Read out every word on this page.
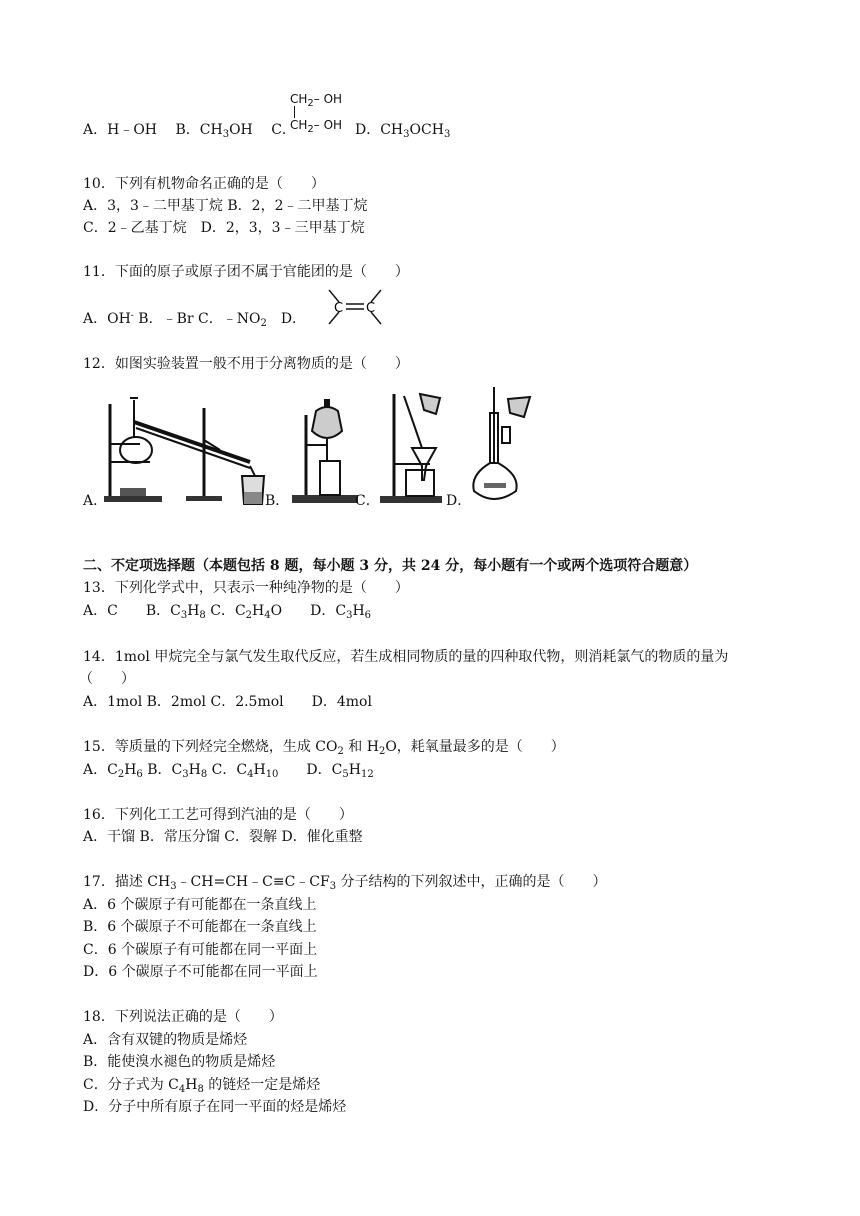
A．H﹣OH　 B．$CH_3OH$　 C．
$CH_2-$ OH
$CH_2-$ OH D．$CH_3OCH_3$
10．下列有机物命名正确的是（　　）
A．3，3﹣二甲基丁烷 B．2，2﹣二甲基丁烷
C．2﹣乙基丁烷　D．2，3，3﹣三甲基丁烷
11．下面的原子或原子团不属于官能团的是（　　）
A．OH- B．﹣Br C．$﹣NO_2$　D．
C C
12．如图实验装置一般不用于分离物质的是（　　）
A．	B．	C．	D．
二、不定项选择题（本题包括 8 题，每小题 3 分，共 24 分，每小题有一个或两个选项符合题意）
13．下列化学式中，只表示一种纯净物的是（　　）
A．C　　B．$C_3H_8$ C．$C_2H_4O$　　D．$C_3H_6$
14．1mol 甲烷完全与氯气发生取代反应，若生成相同物质的量的四种取代物，则消耗氯气的物质的量为
（　　）
A．1mol B．2mol C．2.5mol　　D．4mol
15．等质量的下列烃完全燃烧，生成 $CO_2$ 和 $H_2O$，耗氧量最多的是（　　）
A．$C_2H_6$ B．$C_3H_8$ C．$C_4H_{10}$　　D．$C_5H_{12}$
16．下列化工工艺可得到汽油的是（　　）
A．干馏 B．常压分馏 C．裂解 D．催化重整
17．描述 $CH_3﹣CH=CH﹣C\equiv C﹣CF_3$ 分子结构的下列叙述中，正确的是（　　）
A．6 个碳原子有可能都在一条直线上
B．6 个碳原子不可能都在一条直线上
C．6 个碳原子有可能都在同一平面上
D．6 个碳原子不可能都在同一平面上
18．下列说法正确的是（　　）
A．含有双键的物质是烯烃
B．能使溴水褪色的物质是烯烃
C．分子式为 $C_4H_8$ 的链烃一定是烯烃
D．分子中所有原子在同一平面的烃是烯烃
